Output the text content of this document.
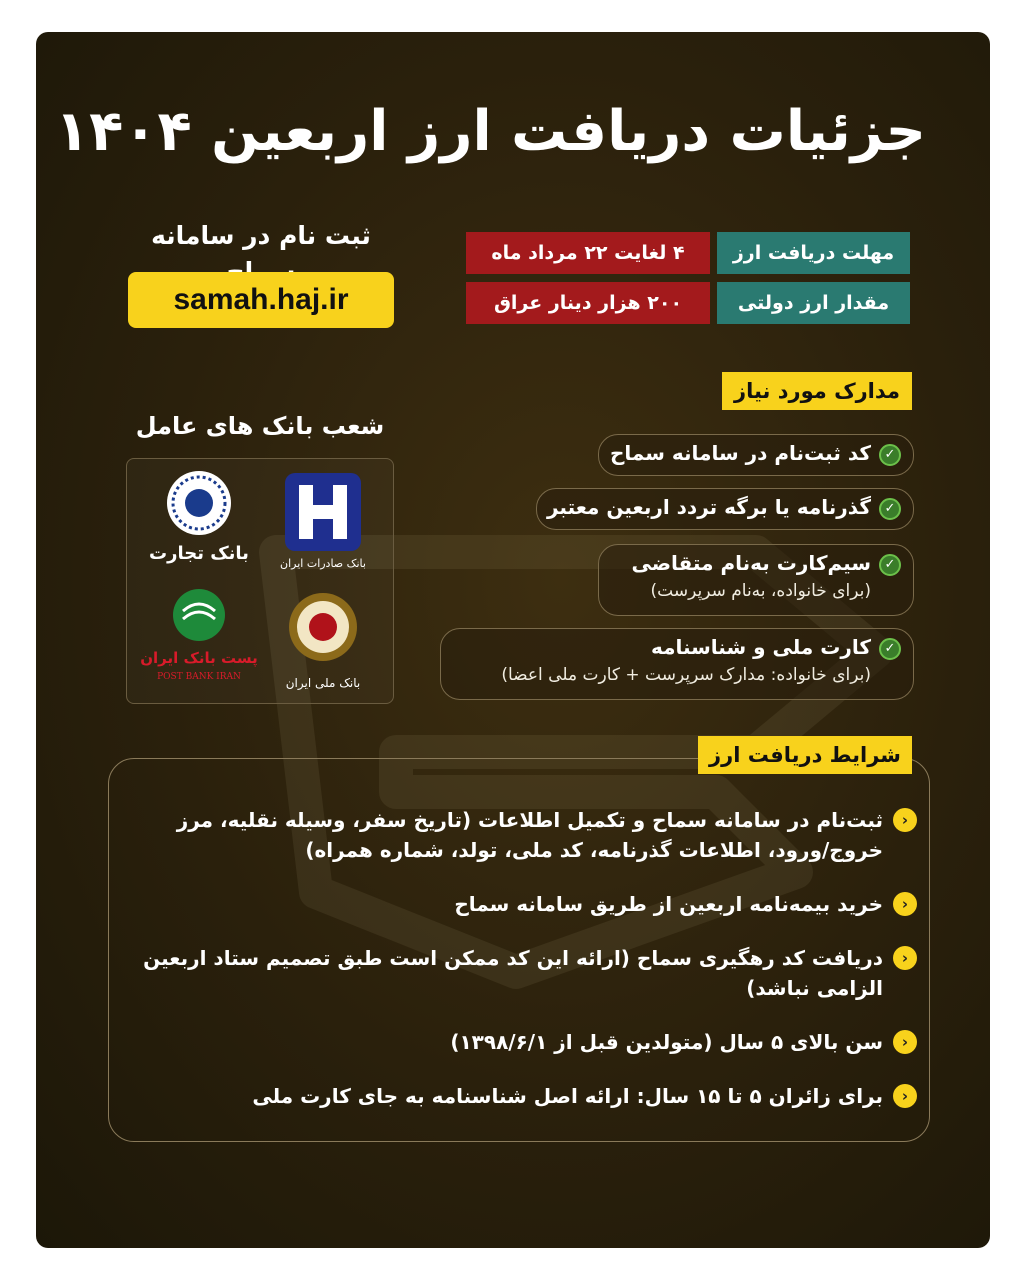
جزئیات دریافت ارز اربعین ۱۴۰۴
ثبت نام در سامانه
samah.haj.ir
مهلت دریافت ارز
۴ لغایت ۲۲ مرداد ماه
مقدار ارز دولتی
۲۰۰ هزار دینار عراق
مدارک مورد نیاز
✓
کد ثبت‌نام در سامانه سماح
✓
گذرنامه یا برگه تردد اربعین معتبر
✓
سیم‌کارت به‌نام متقاضی
(برای خانواده، به‌نام سرپرست)
✓
کارت ملی و شناسنامه
(برای خانواده: مدارک سرپرست + کارت ملی اعضا)
شعب بانک های عامل
بانک صادرات ایران
بانک تجارت
بانک ملی ایران
پست بانک ایران
POST BANK IRAN
‹
ثبت‌نام در سامانه سماح و تکمیل اطلاعات (تاریخ سفر، وسیله نقلیه، مرز خروج/ورود، اطلاعات گذرنامه، کد ملی، تولد، شماره همراه)
‹
خرید بیمه‌نامه اربعین از طریق سامانه سماح
‹
دریافت کد رهگیری سماح (ارائه این کد ممکن است طبق تصمیم ستاد اربعین الزامی نباشد)
‹
سن بالای ۵ سال (متولدین قبل از ۱۳۹۸/۶/۱)
‹
برای زائران ۵ تا ۱۵ سال: ارائه اصل شناسنامه به جای کارت ملی
شرایط دریافت ارز
